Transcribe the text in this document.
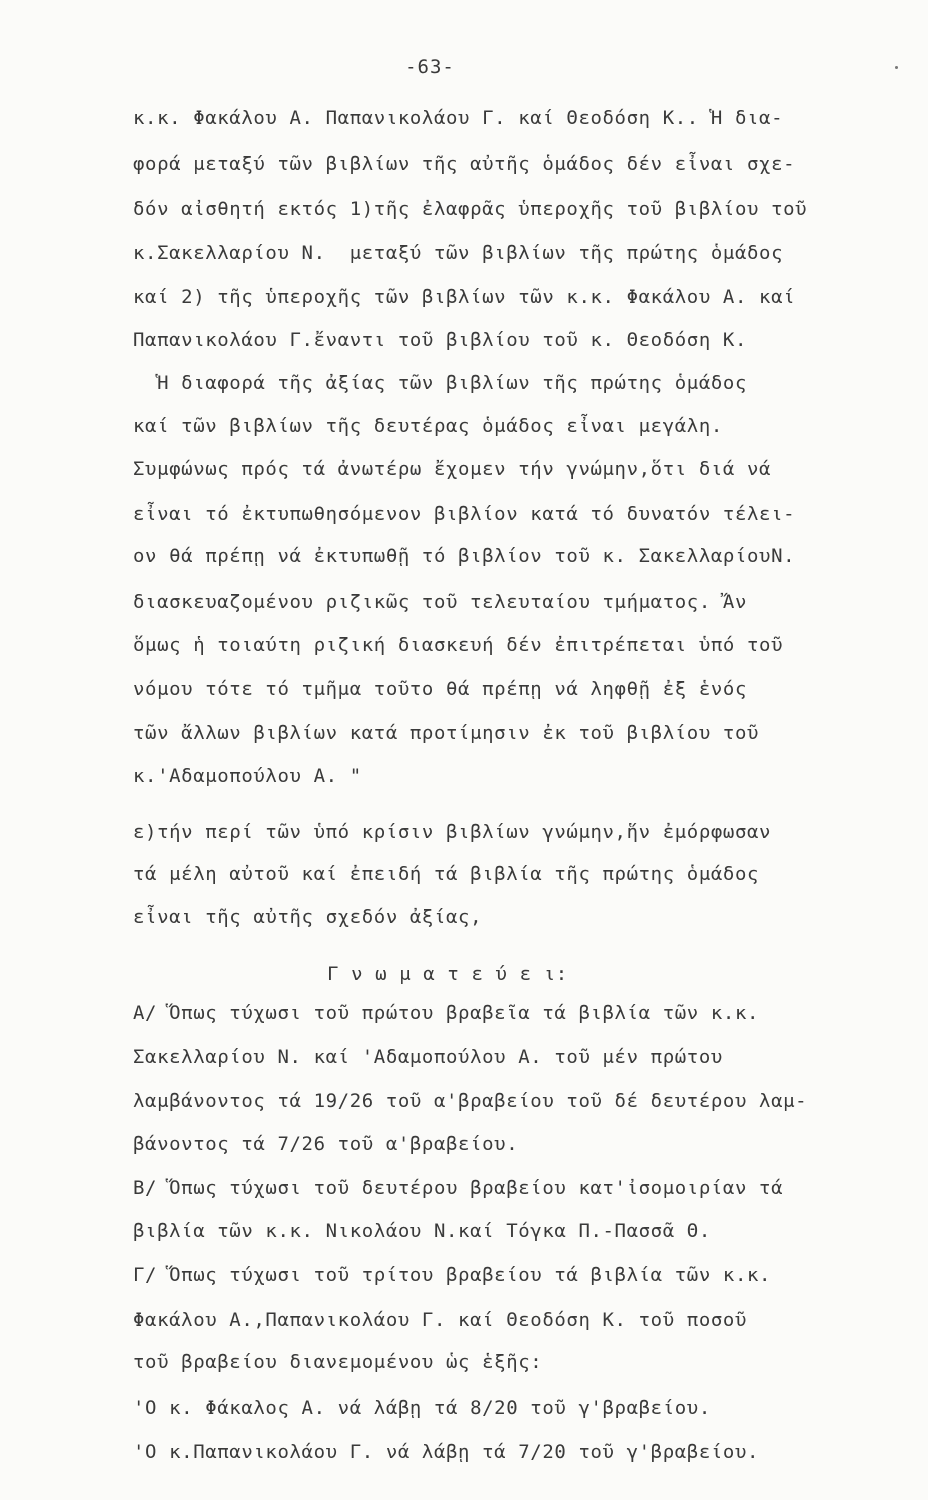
-63-
κ.κ. Φακάλου Α. Παπανικολάου Γ. καί Θεοδόση Κ.. Ἡ δια-
φορά μεταξύ τῶν βιβλίων τῆς αὐτῆς ὁμάδος δέν εἶναι σχε-
δόν αἰσθητή εκτός 1)τῆς ἐλαφρᾶς ὑπεροχῆς τοῦ βιβλίου τοῦ
κ.Σακελλαρίου Ν.  μεταξύ τῶν βιβλίων τῆς πρώτης ὁμάδος
καί 2) τῆς ὑπεροχῆς τῶν βιβλίων τῶν κ.κ. Φακάλου Α. καί
Παπανικολάου Γ.ἔναντι τοῦ βιβλίου τοῦ κ. Θεοδόση Κ.
Ἡ διαφορά τῆς ἀξίας τῶν βιβλίων τῆς πρώτης ὁμάδος
καί τῶν βιβλίων τῆς δευτέρας ὁμάδος εἶναι μεγάλη.
Συμφώνως πρός τά ἀνωτέρω ἔχομεν τήν γνώμην,ὅτι διά νά
εἶναι τό ἐκτυπωθησόμενον βιβλίον κατά τό δυνατόν τέλει-
ον θά πρέπῃ νά ἐκτυπωθῇ τό βιβλίον τοῦ κ. ΣακελλαρίουΝ.
διασκευαζομένου ριζικῶς τοῦ τελευταίου τμήματος. Ἄν
ὅμως ἡ τοιαύτη ριζική διασκευή δέν ἐπιτρέπεται ὑπό τοῦ
νόμου τότε τό τμῆμα τοῦτο θά πρέπῃ νά ληφθῇ ἐξ ἑνός
τῶν ἄλλων βιβλίων κατά προτίμησιν ἐκ τοῦ βιβλίου τοῦ
κ.'Αδαμοπούλου Α. "
ε)τήν περί τῶν ὑπό κρίσιν βιβλίων γνώμην,ἥν ἐμόρφωσαν
τά μέλη αὐτοῦ καί ἐπειδή τά βιβλία τῆς πρώτης ὁμάδος
εἶναι τῆς αὐτῆς σχεδόν ἀξίας,
Γ ν ω μ α τ ε ύ ε ι:
Α/ Ὅπως τύχωσι τοῦ πρώτου βραβεῖα τά βιβλία τῶν κ.κ.
Σακελλαρίου Ν. καί 'Αδαμοπούλου Α. τοῦ μέν πρώτου
λαμβάνοντος τά 19/26 τοῦ α'βραβείου τοῦ δέ δευτέρου λαμ-
βάνοντος τά 7/26 τοῦ α'βραβείου.
Β/ Ὅπως τύχωσι τοῦ δευτέρου βραβείου κατ'ἰσομοιρίαν τά
βιβλία τῶν κ.κ. Νικολάου Ν.καί Τόγκα Π.-Πασσᾶ Θ.
Γ/ Ὅπως τύχωσι τοῦ τρίτου βραβείου τά βιβλία τῶν κ.κ.
Φακάλου Α.,Παπανικολάου Γ. καί Θεοδόση Κ. τοῦ ποσοῦ
τοῦ βραβείου διανεμομένου ὡς ἑξῆς:
'Ο κ. Φάκαλος Α. νά λάβῃ τά 8/20 τοῦ γ'βραβείου.
'Ο κ.Παπανικολάου Γ. νά λάβῃ τά 7/20 τοῦ γ'βραβείου.
